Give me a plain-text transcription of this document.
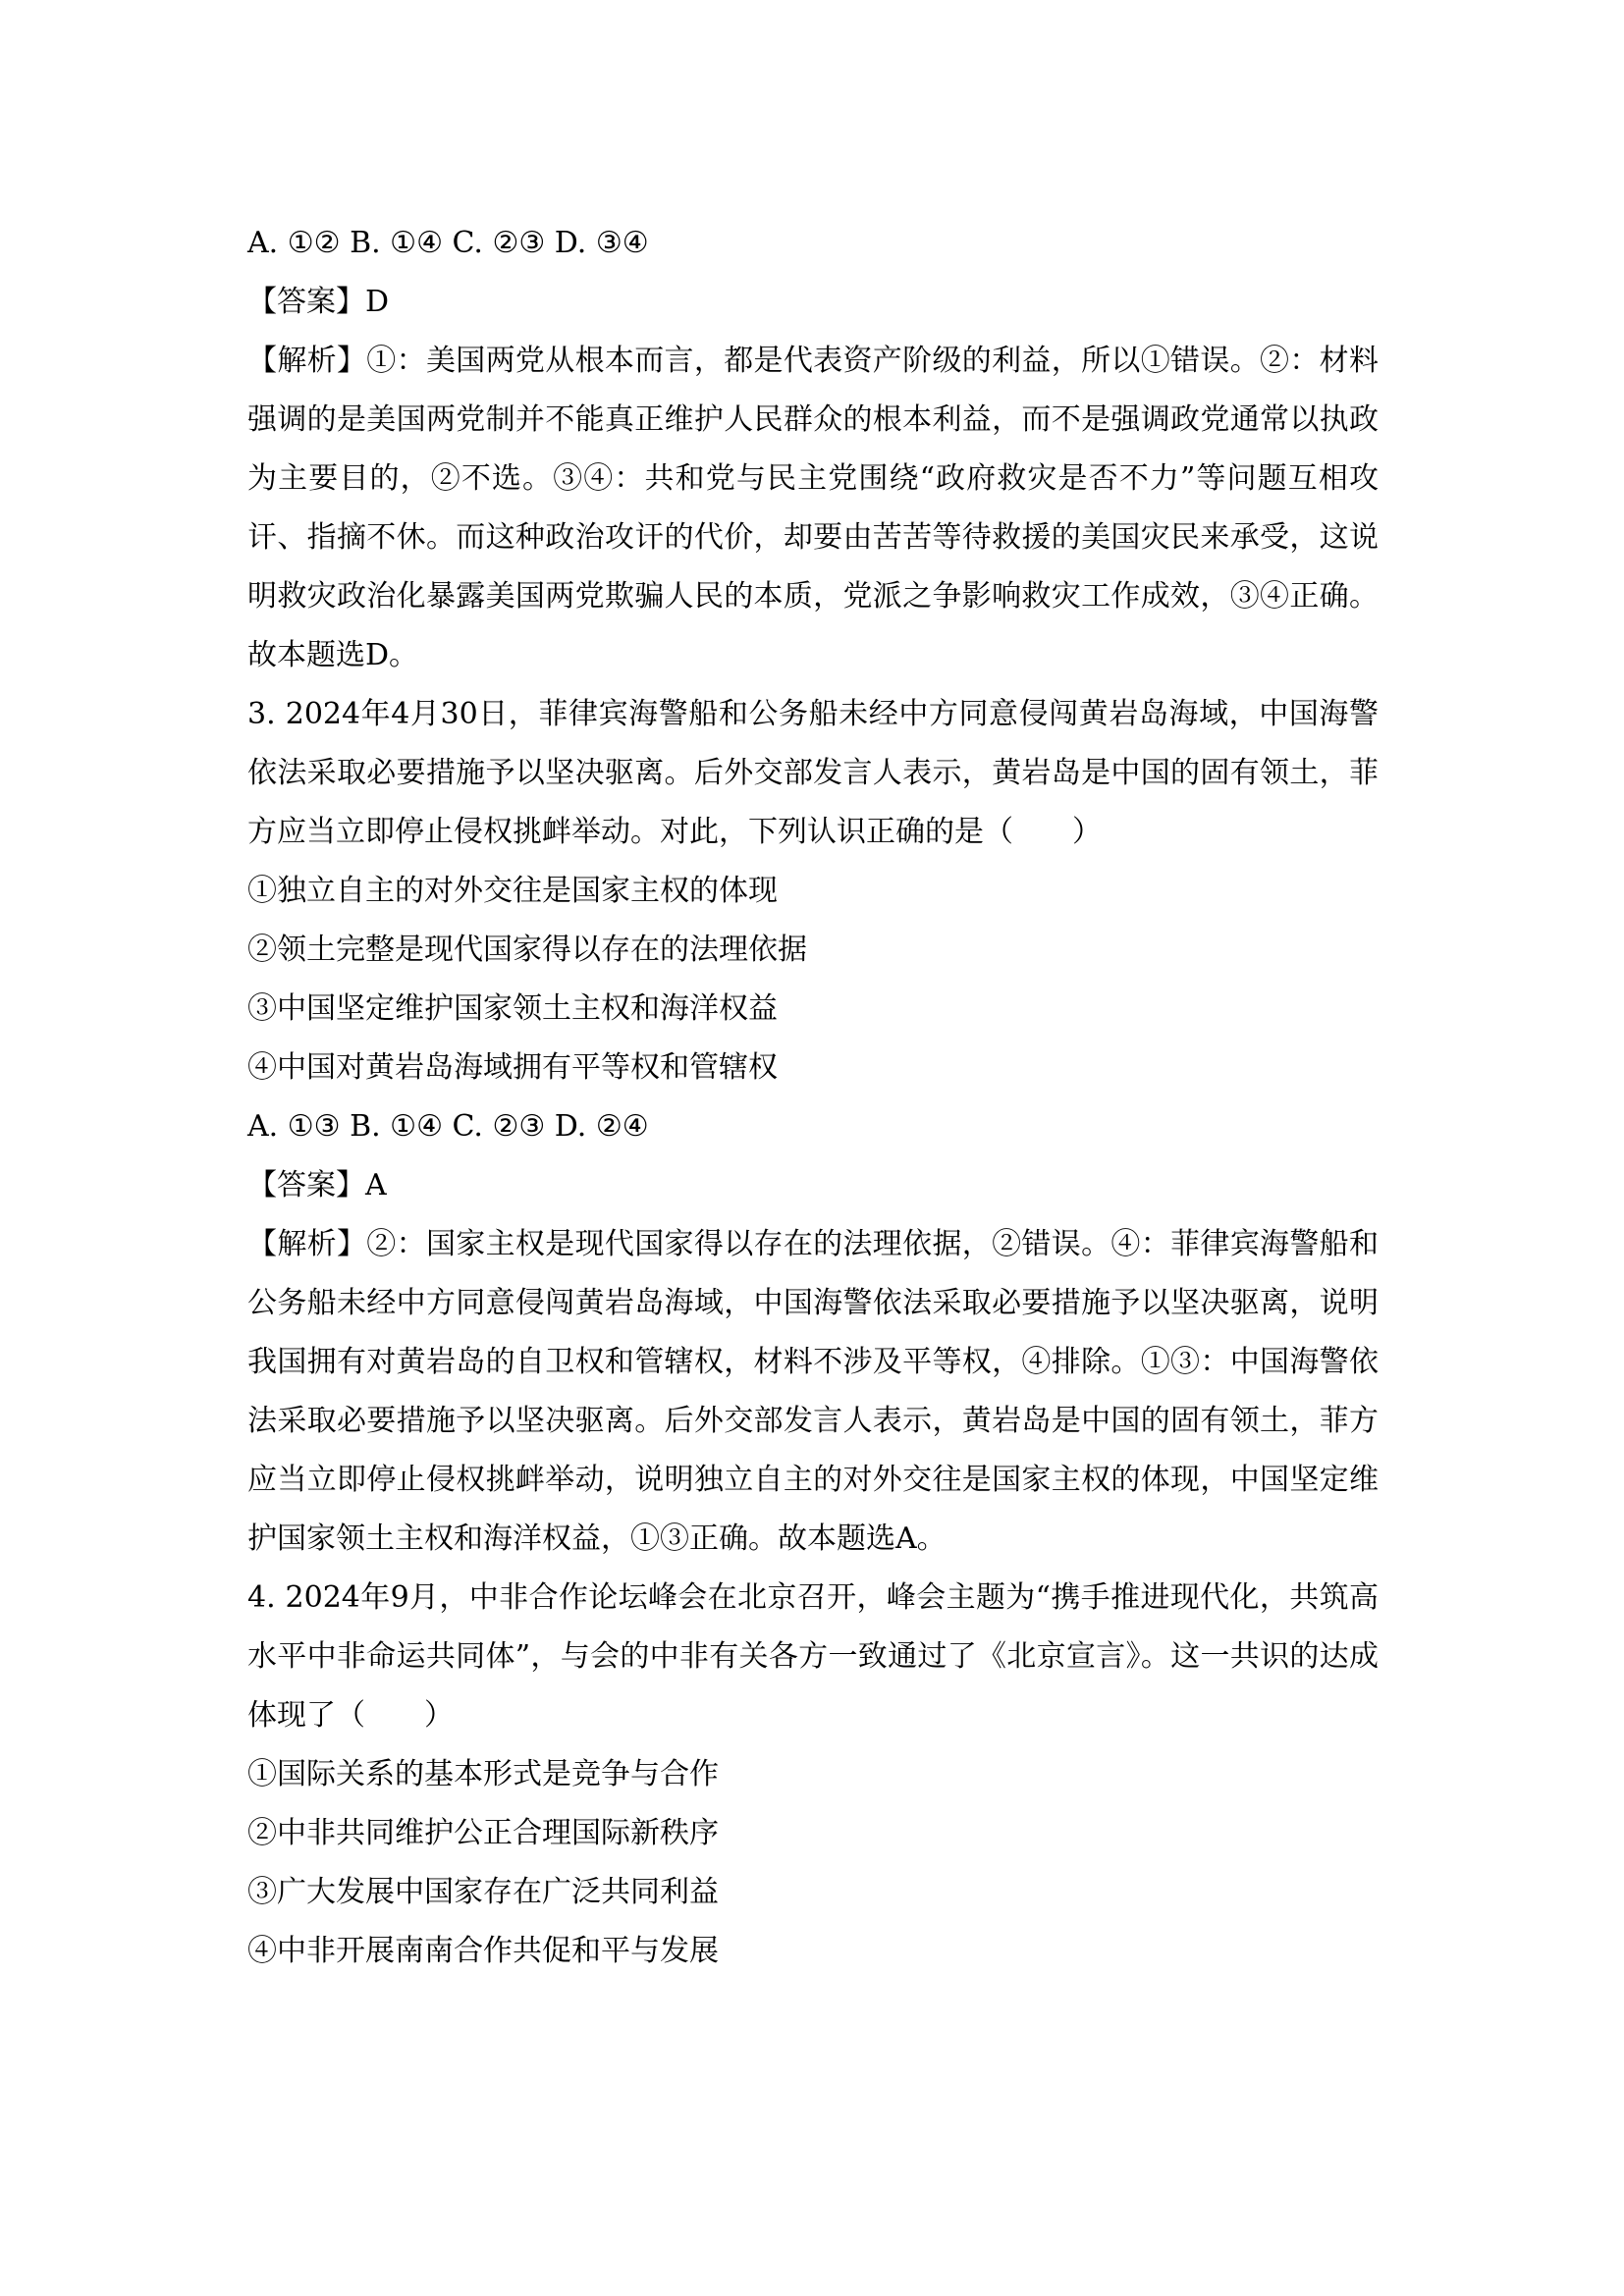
A. ①② B. ①④ C. ②③ D. ③④

【答案】D

【解析】①：美国两党从根本而言，都是代表资产阶级的利益，所以①错误。②：材料强调的是美国两党制并不能真正维护人民群众的根本利益，而不是强调政党通常以执政为主要目的，②不选。③④：共和党与民主党围绕“政府救灾是否不力”等问题互相攻讦、指摘不休。而这种政治攻讦的代价，却要由苦苦等待救援的美国灾民来承受，这说明救灾政治化暴露美国两党欺骗人民的本质，党派之争影响救灾工作成效，③④正确。故本题选D。

3. 2024年4月30日，菲律宾海警船和公务船未经中方同意侵闯黄岩岛海域，中国海警依法采取必要措施予以坚决驱离。后外交部发言人表示，黄岩岛是中国的固有领土，菲方应当立即停止侵权挑衅举动。对此，下列认识正确的是（　　）

①独立自主的对外交往是国家主权的体现

②领土完整是现代国家得以存在的法理依据

③中国坚定维护国家领土主权和海洋权益

④中国对黄岩岛海域拥有平等权和管辖权

A. ①③ B. ①④ C. ②③ D. ②④

【答案】A

【解析】②：国家主权是现代国家得以存在的法理依据，②错误。④：菲律宾海警船和公务船未经中方同意侵闯黄岩岛海域，中国海警依法采取必要措施予以坚决驱离，说明我国拥有对黄岩岛的自卫权和管辖权，材料不涉及平等权，④排除。①③：中国海警依法采取必要措施予以坚决驱离。后外交部发言人表示，黄岩岛是中国的固有领土，菲方应当立即停止侵权挑衅举动，说明独立自主的对外交往是国家主权的体现，中国坚定维护国家领土主权和海洋权益，①③正确。故本题选A。

4. 2024年9月，中非合作论坛峰会在北京召开，峰会主题为“携手推进现代化，共筑高水平中非命运共同体”，与会的中非有关各方一致通过了《北京宣言》。这一共识的达成体现了（　　）

①国际关系的基本形式是竞争与合作

②中非共同维护公正合理国际新秩序

③广大发展中国家存在广泛共同利益

④中非开展南南合作共促和平与发展
